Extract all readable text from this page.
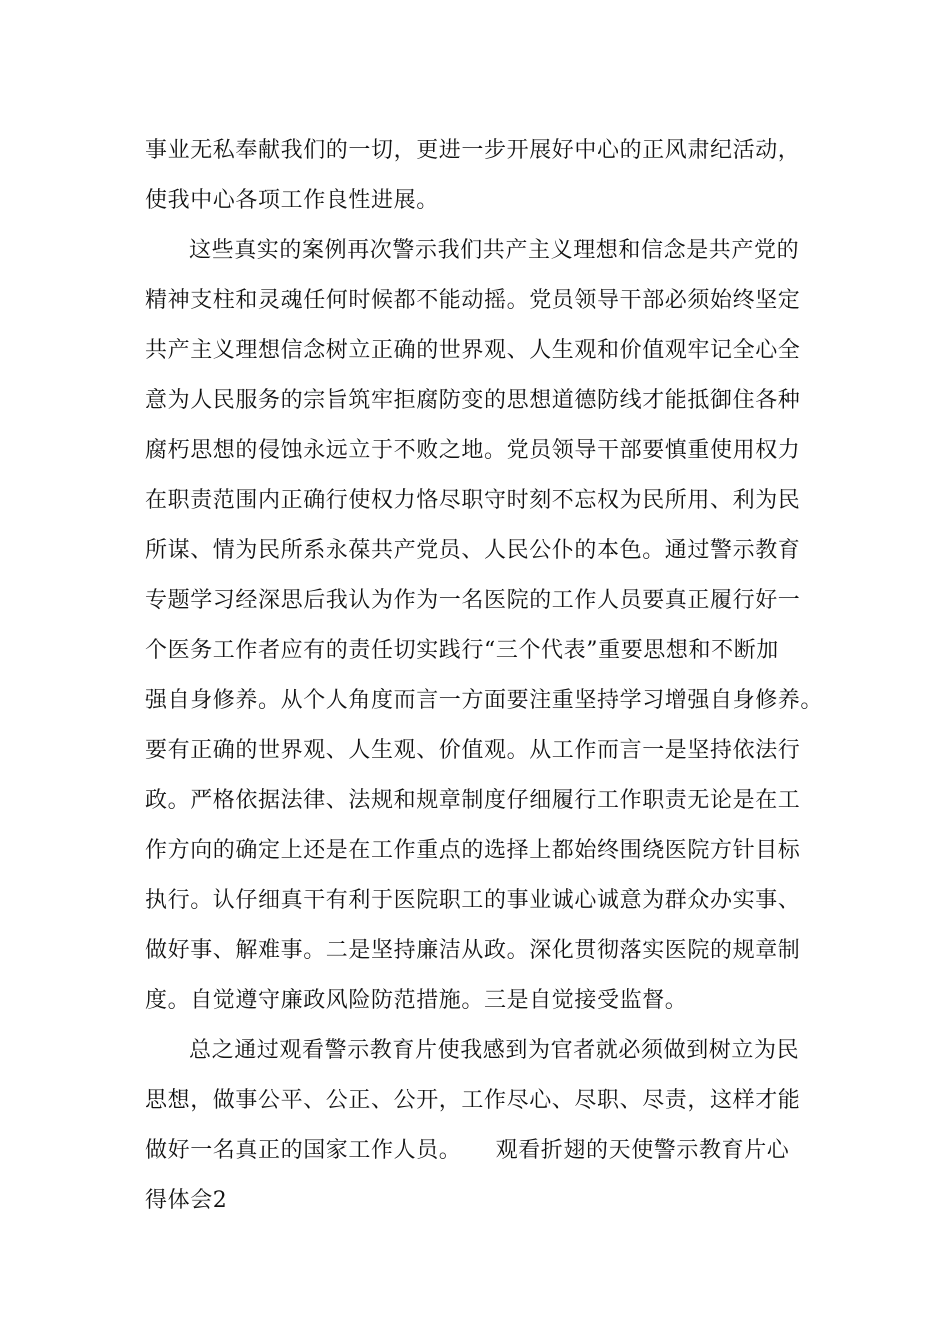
事业无私奉献我们的一切，更进一步开展好中心的正风肃纪活动，
使我中心各项工作良性进展。
这些真实的案例再次警示我们共产主义理想和信念是共产党的
精神支柱和灵魂任何时候都不能动摇。党员领导干部必须始终坚定
共产主义理想信念树立正确的世界观、人生观和价值观牢记全心全
意为人民服务的宗旨筑牢拒腐防变的思想道德防线才能抵御住各种
腐朽思想的侵蚀永远立于不败之地。党员领导干部要慎重使用权力
在职责范围内正确行使权力恪尽职守时刻不忘权为民所用、利为民
所谋、情为民所系永葆共产党员、人民公仆的本色。通过警示教育
专题学习经深思后我认为作为一名医院的工作人员要真正履行好一
个医务工作者应有的责任切实践行“三个代表”重要思想和不断加
强自身修养。从个人角度而言一方面要注重坚持学习增强自身修养。
要有正确的世界观、人生观、价值观。从工作而言一是坚持依法行
政。严格依据法律、法规和规章制度仔细履行工作职责无论是在工
作方向的确定上还是在工作重点的选择上都始终围绕医院方针目标
执行。认仔细真干有利于医院职工的事业诚心诚意为群众办实事、
做好事、解难事。二是坚持廉洁从政。深化贯彻落实医院的规章制
度。自觉遵守廉政风险防范措施。三是自觉接受监督。
总之通过观看警示教育片使我感到为官者就必须做到树立为民
思想，做事公平、公正、公开，工作尽心、尽职、尽责，这样才能
做好一名真正的国家工作人员。　　观看折翅的天使警示教育片心
得体会2
